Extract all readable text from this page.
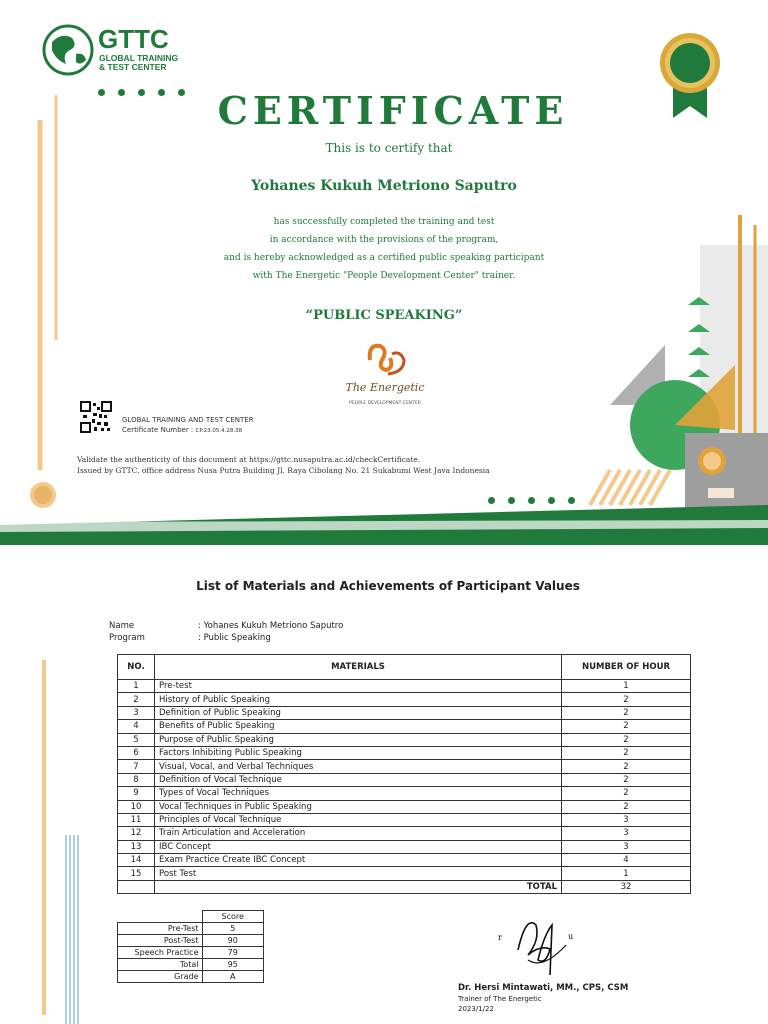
GTTC
GLOBAL TRAINING
& TEST CENTER
CERTIFICATE
This is to certify that
Yohanes Kukuh Metriono Saputro
has successfully completed the training and test
in accordance with the provisions of the program,
and is hereby acknowledged as a certified public speaking participant
with The Energetic "People Development Center" trainer.
“PUBLIC SPEAKING”
The Energetic
PEOPLE DEVELOPMENT CENTER
GLOBAL TRAINING AND TEST CENTER
Certificate Number : CP.23.05.4.28.38
Validate the authenticity of this document at https://gttc.nusaputra.ac.id/checkCertificate.
Issued by GTTC, office address Nusa Putra Building Jl. Raya Cibolang No. 21 Sukabumi West Java Indonesia
List of Materials and Achievements of Participant Values
Name	: Yohanes Kukuh Metriono Saputro
Program	: Public Speaking
NO.	MATERIALS	NUMBER OF HOUR
1	Pre-test	1
2	History of Public Speaking	2
3	Definition of Public Speaking	2
4	Benefits of Public Speaking	2
5	Purpose of Public Speaking	2
6	Factors Inhibiting Public Speaking	2
7	Visual, Vocal, and Verbal Techniques	2
8	Definition of Vocal Technique	2
9	Types of Vocal Techniques	2
10	Vocal Techniques in Public Speaking	2
11	Principles of Vocal Technique	3
12	Train Articulation and Acceleration	3
13	IBC Concept	3
14	Exam Practice Create IBC Concept	4
15	Post Test	1
	TOTAL	32
	Score
Pre-Test	5
Post-Test	90
Speech Practice	79
Total	95
Grade	A
r	u
Dr. Hersi Mintawati, MM., CPS, CSM
Trainer of The Energetic
2023/1/22
